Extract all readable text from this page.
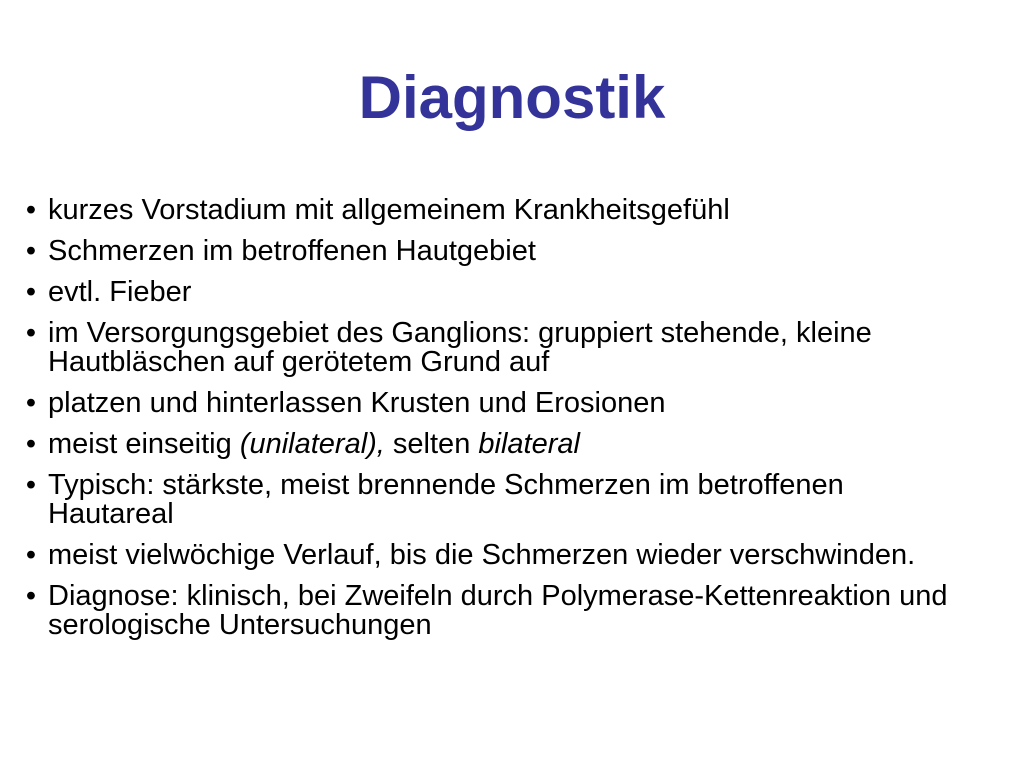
Diagnostik
• kurzes Vorstadium mit allgemeinem Krankheitsgefühl
• Schmerzen im betroffenen Hautgebiet
• evtl. Fieber
• im Versorgungsgebiet des Ganglions: gruppiert stehende, kleine Hautbläschen auf gerötetem Grund auf
• platzen und hinterlassen Krusten und Erosionen
• meist einseitig (unilateral), selten bilateral
• Typisch: stärkste, meist brennende Schmerzen im betroffenen Hautareal
• meist vielwöchige Verlauf, bis die Schmerzen wieder verschwinden.
• Diagnose: klinisch, bei Zweifeln durch Polymerase-Kettenreaktion und serologische Untersuchungen
